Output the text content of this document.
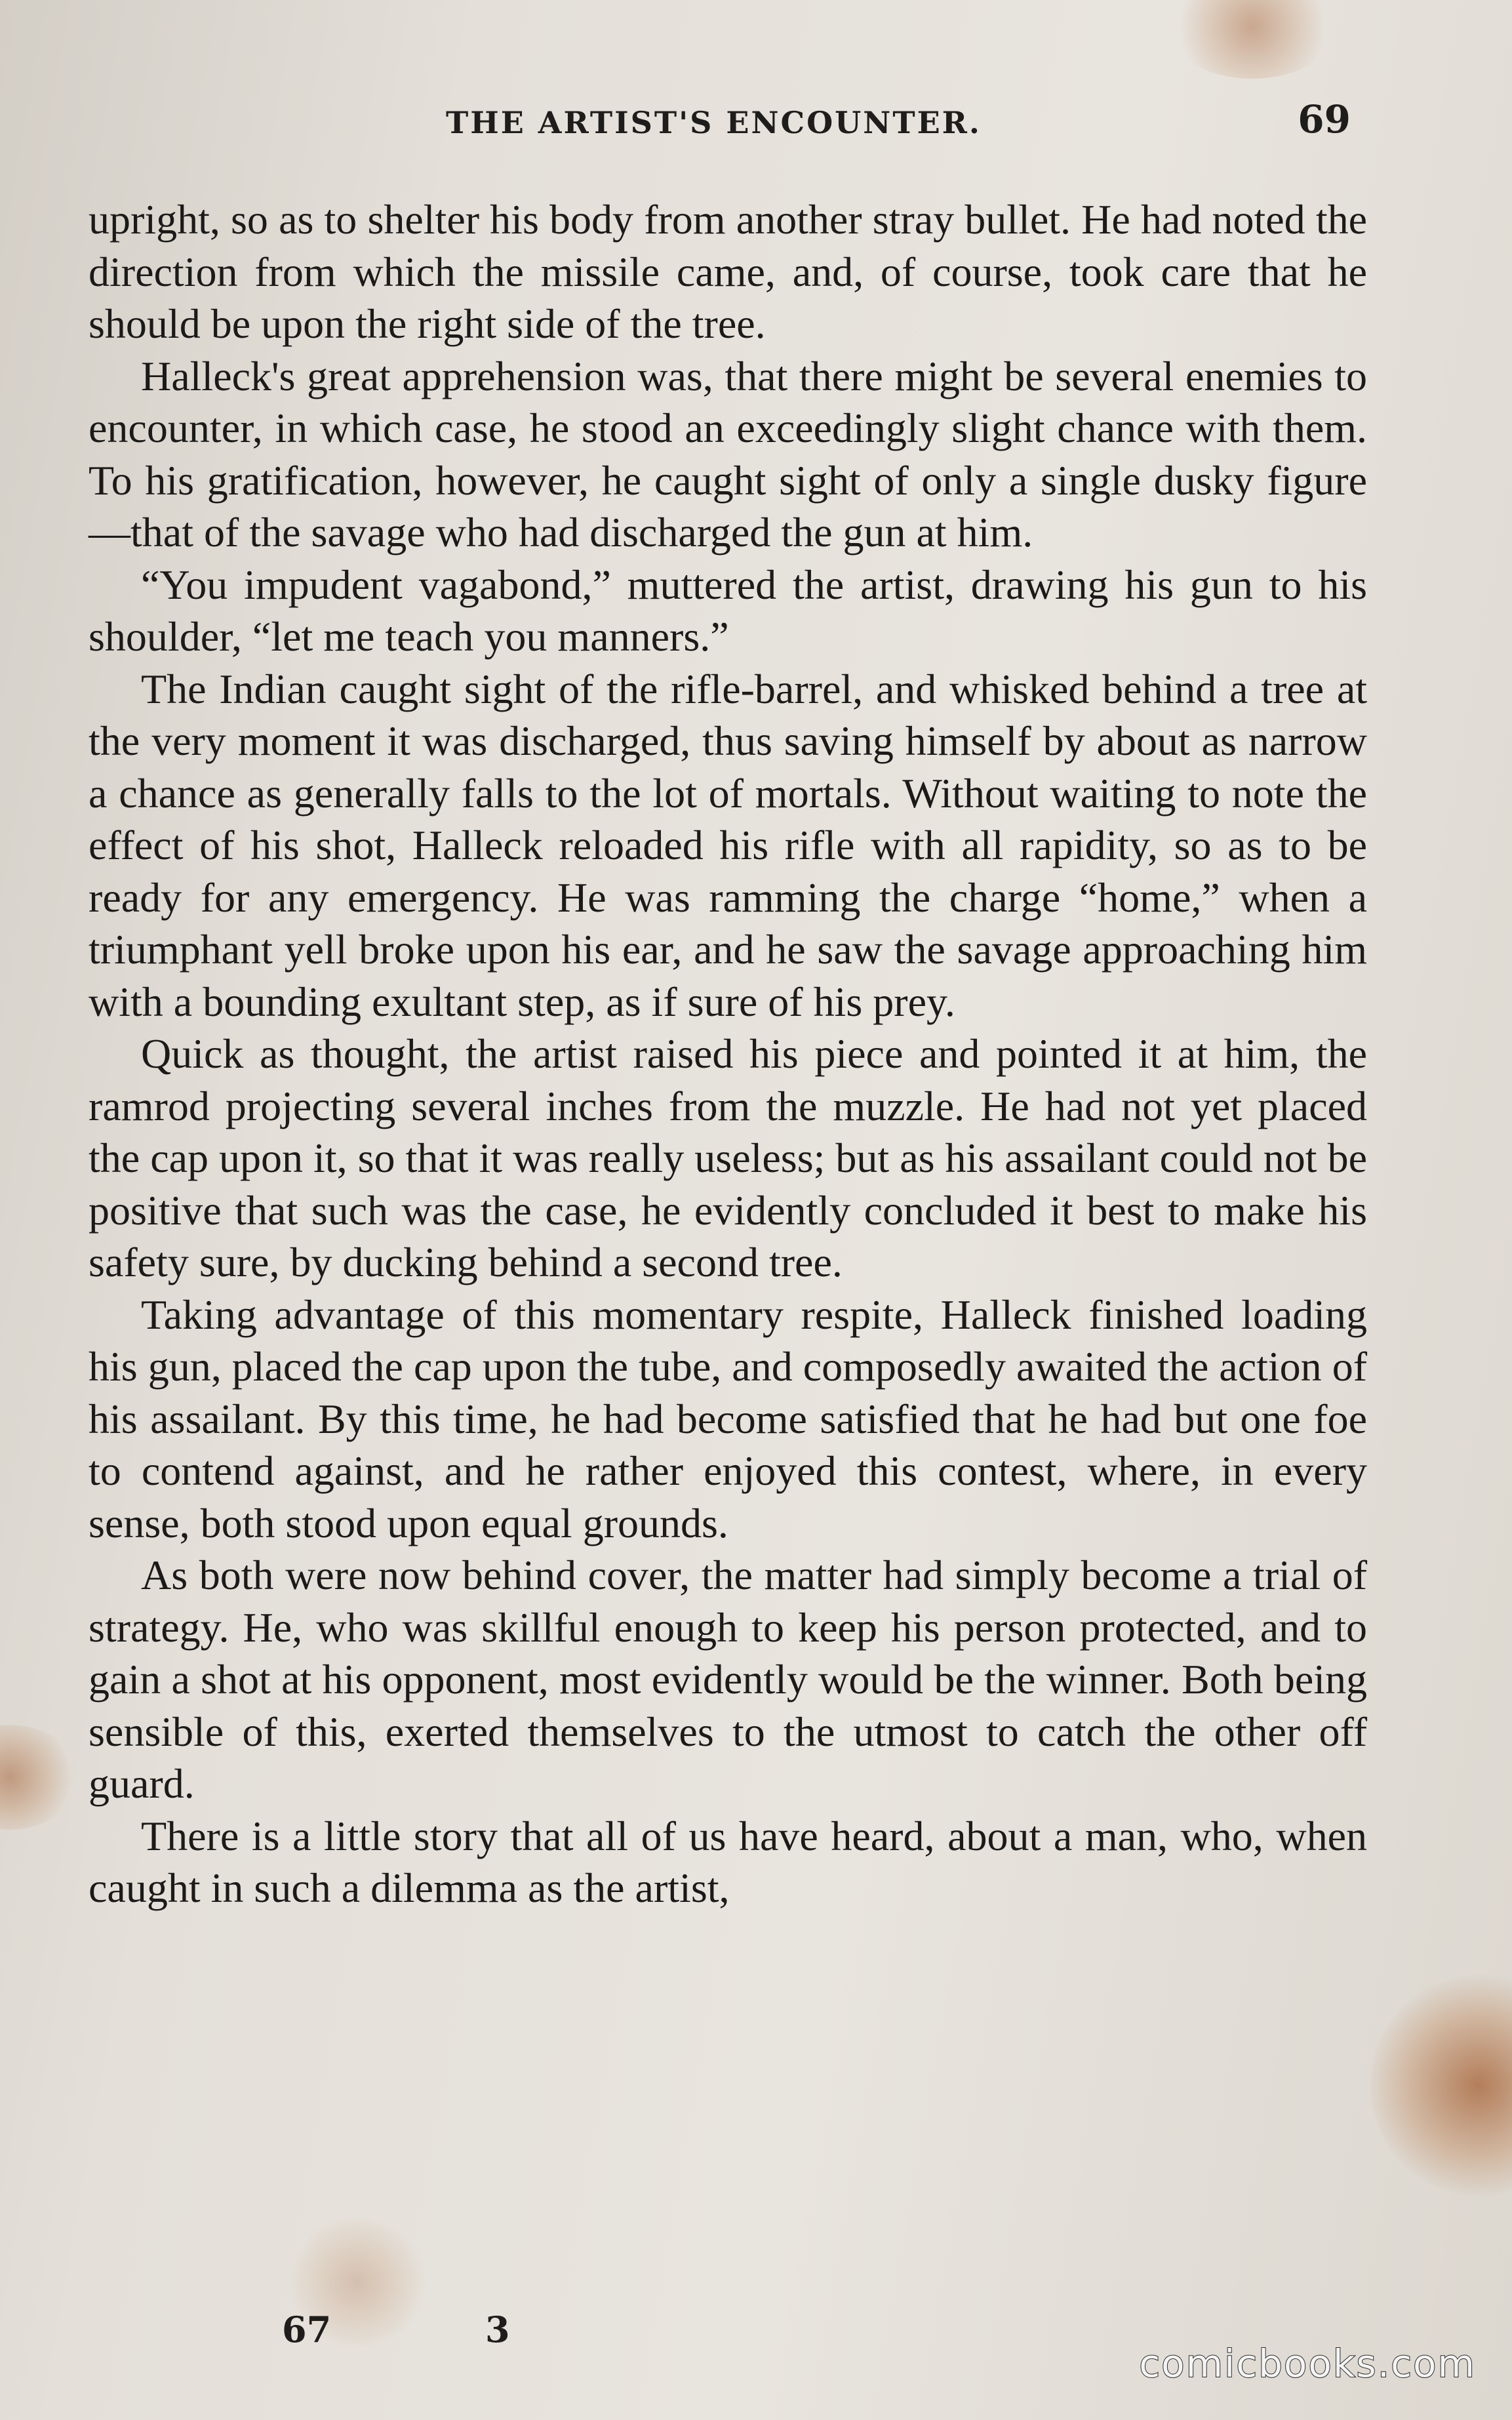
THE ARTIST'S ENCOUNTER.	69

upright, so as to shelter his body from another stray bullet. He had noted the direction from which the missile came, and, of course, took care that he should be upon the right side of the tree.

Halleck's great apprehension was, that there might be several enemies to encounter, in which case, he stood an exceedingly slight chance with them. To his gratification, however, he caught sight of only a single dusky figure—that of the savage who had discharged the gun at him.

“You impudent vagabond,” muttered the artist, drawing his gun to his shoulder, “let me teach you manners.”

The Indian caught sight of the rifle-barrel, and whisked behind a tree at the very moment it was discharged, thus saving himself by about as narrow a chance as generally falls to the lot of mortals. Without waiting to note the effect of his shot, Halleck reloaded his rifle with all rapidity, so as to be ready for any emergency. He was ramming the charge “home,” when a triumphant yell broke upon his ear, and he saw the savage approaching him with a bounding exultant step, as if sure of his prey.

Quick as thought, the artist raised his piece and pointed it at him, the ramrod projecting several inches from the muzzle. He had not yet placed the cap upon it, so that it was really useless; but as his assailant could not be positive that such was the case, he evidently concluded it best to make his safety sure, by ducking behind a second tree.

Taking advantage of this momentary respite, Halleck finished loading his gun, placed the cap upon the tube, and composedly awaited the action of his assailant. By this time, he had become satisfied that he had but one foe to contend against, and he rather enjoyed this contest, where, in every sense, both stood upon equal grounds.

As both were now behind cover, the matter had simply become a trial of strategy. He, who was skillful enough to keep his person protected, and to gain a shot at his opponent, most evidently would be the winner. Both being sensible of this, exerted themselves to the utmost to catch the other off guard.

There is a little story that all of us have heard, about a man, who, when caught in such a dilemma as the artist,

67	3
comicbooks.com
